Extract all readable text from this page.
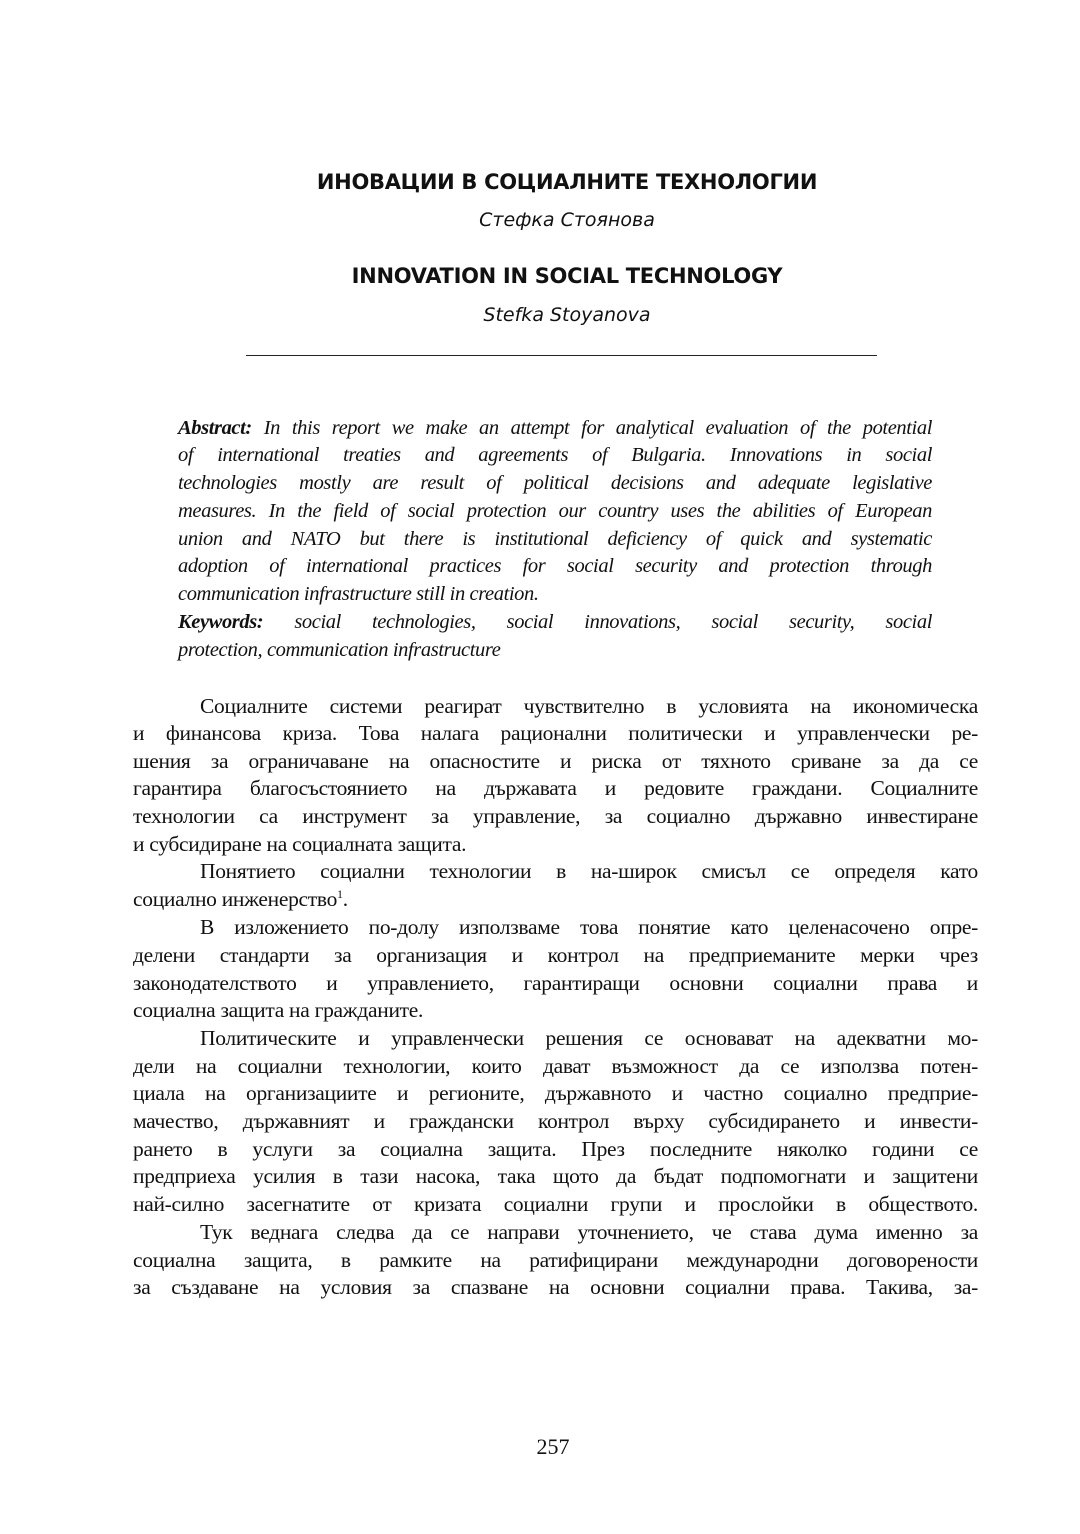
ИНОВАЦИИ В СОЦИАЛНИТЕ ТЕХНОЛОГИИ
Стефка Стоянова
INNOVATION IN SOCIAL TECHNOLOGY
Stefka Stoyanova
Abstract: In this report we make an attempt for analytical evaluation of the potential
of international treaties and agreements of Bulgaria. Innovations in social
technologies mostly are result of political decisions and adequate legislative
measures. In the field of social protection our country uses the abilities of European
union and NATO but there is institutional deficiency of quick and systematic
adoption of international practices for social security and protection through
communication infrastructure still in creation.
Keywords: social technologies, social innovations, social security, social
protection, communication infrastructure
Социалните системи реагират чувствително в условията на икономическа
и финансова криза. Това налага рационални политически и управленчески ре-
шения за ограничаване на опасностите и риска от тяхното сриване за да се
гарантира благосъстоянието на държавата и редовите граждани. Социалните
технологии са инструмент за управление, за социално държавно инвестиране
и субсидиране на социалната защита.
Понятието социални технологии в на-широк смисъл се определя като
социално инженерство$^1$.
В изложението по-долу използваме това понятие като целенасочено опре-
делени стандарти за организация и контрол на предприеманите мерки чрез
законодателството и управлението, гарантиращи основни социални права и
социална защита на гражданите.
Политическите и управленчески решения се основават на адекватни мо-
дели на социални технологии, които дават възможност да се използва потен-
циала на организациите и регионите, държавното и частно социално предприе-
мачество, държавният и граждански контрол върху субсидирането и инвести-
рането в услуги за социална защита. През последните няколко години се
предприеха усилия в тази насока, така щото да бъдат подпомогнати и защитени
най-силно засегнатите от кризата социални групи и прослойки в обществото.
Тук веднага следва да се направи уточнението, че става дума именно за
социална защита, в рамките на ратифицирани международни договорености
за създаване на условия за спазване на основни социални права. Такива, за-
257
